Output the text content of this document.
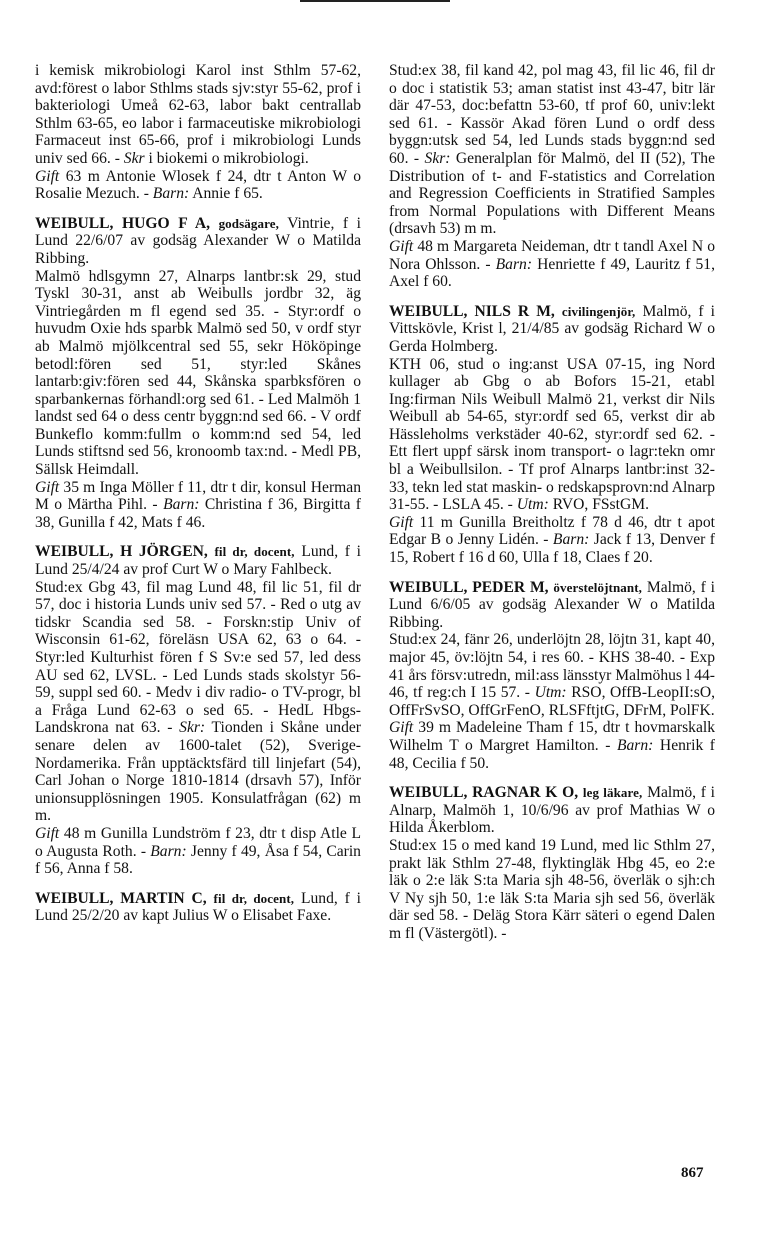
i kemisk mikrobiologi Karol inst Sthlm 57-62, avd:förest o labor Sthlms stads sjv:styr 55-62, prof i bakteriologi Umeå 62-63, labor bakt centrallab Sthlm 63-65, eo labor i farmaceutiske mikrobiologi Farmaceut inst 65-66, prof i mikrobiologi Lunds univ sed 66. - Skr i biokemi o mikrobiologi.

Gift 63 m Antonie Wlosek f 24, dtr t Anton W o Rosalie Mezuch. - Barn: Annie f 65.

WEIBULL, HUGO F A, godsägare, Vintrie, f i Lund 22/6/07 av godsäg Alexander W o Matilda Ribbing.

Malmö hdlsgymn 27, Alnarps lantbr:sk 29, stud Tyskl 30-31, anst ab Weibulls jordbr 32, äg Vintriegården m fl egend sed 35. - Styr:ordf o huvudm Oxie hds sparbk Malmö sed 50, v ordf styr ab Malmö mjölkcentral sed 55, sekr Hököpinge betodl:fören sed 51, styr:led Skånes lantarb:giv:fören sed 44, Skånska sparbksfören o sparbankernas förhandl:org sed 61. - Led Malmöh 1 landst sed 64 o dess centr byggn:nd sed 66. - V ordf Bunkeflo komm:fullm o komm:nd sed 54, led Lunds stiftsnd sed 56, kronoomb tax:nd. - Medl PB, Sällsk Heimdall.

Gift 35 m Inga Möller f 11, dtr t dir, konsul Herman M o Märtha Pihl. - Barn: Christina f 36, Birgitta f 38, Gunilla f 42, Mats f 46.

WEIBULL, H JÖRGEN, fil dr, docent, Lund, f i Lund 25/4/24 av prof Curt W o Mary Fahlbeck.

Stud:ex Gbg 43, fil mag Lund 48, fil lic 51, fil dr 57, doc i historia Lunds univ sed 57. - Red o utg av tidskr Scandia sed 58. - Forskn:stip Univ of Wisconsin 61-62, föreläsn USA 62, 63 o 64. - Styr:led Kulturhist fören f S Sv:e sed 57, led dess AU sed 62, LVSL. - Led Lunds stads skolstyr 56-59, suppl sed 60. - Medv i div radio- o TV-progr, bl a Fråga Lund 62-63 o sed 65. - HedL Hbgs-Landskrona nat 63. - Skr: Tionden i Skåne under senare delen av 1600-talet (52), Sverige-Nordamerika. Från upptäcktsfärd till linjefart (54), Carl Johan o Norge 1810-1814 (drsavh 57), Inför unionsupplösningen 1905. Konsulatfrågan (62) m m.

Gift 48 m Gunilla Lundström f 23, dtr t disp Atle L o Augusta Roth. - Barn: Jenny f 49, Åsa f 54, Carin f 56, Anna f 58.

WEIBULL, MARTIN C, fil dr, docent, Lund, f i Lund 25/2/20 av kapt Julius W o Elisabet Faxe.

Stud:ex 38, fil kand 42, pol mag 43, fil lic 46, fil dr o doc i statistik 53; aman statist inst 43-47, bitr lär där 47-53, doc:befattn 53-60, tf prof 60, univ:lekt sed 61. - Kassör Akad fören Lund o ordf dess byggn:utsk sed 54, led Lunds stads byggn:nd sed 60. - Skr: Generalplan för Malmö, del II (52), The Distribution of t- and F-statistics and Correlation and Regression Coefficients in Stratified Samples from Normal Populations with Different Means (drsavh 53) m m.

Gift 48 m Margareta Neideman, dtr t tandl Axel N o Nora Ohlsson. - Barn: Henriette f 49, Lauritz f 51, Axel f 60.

WEIBULL, NILS R M, civilingenjör, Malmö, f i Vittskövle, Krist l, 21/4/85 av godsäg Richard W o Gerda Holmberg.

KTH 06, stud o ing:anst USA 07-15, ing Nord kullager ab Gbg o ab Bofors 15-21, etabl Ing:firman Nils Weibull Malmö 21, verkst dir Nils Weibull ab 54-65, styr:ordf sed 65, verkst dir ab Hässleholms verkstäder 40-62, styr:ordf sed 62. - Ett flert uppf särsk inom transport- o lagr:tekn omr bl a Weibullsilon. - Tf prof Alnarps lantbr:inst 32-33, tekn led stat maskin- o redskapsprovn:nd Alnarp 31-55. - LSLA 45. - Utm: RVO, FSstGM.

Gift 11 m Gunilla Breitholtz f 78 d 46, dtr t apot Edgar B o Jenny Lidén. - Barn: Jack f 13, Denver f 15, Robert f 16 d 60, Ulla f 18, Claes f 20.

WEIBULL, PEDER M, överstelöjtnant, Malmö, f i Lund 6/6/05 av godsäg Alexander W o Matilda Ribbing.

Stud:ex 24, fänr 26, underlöjtn 28, löjtn 31, kapt 40, major 45, öv:löjtn 54, i res 60. - KHS 38-40. - Exp 41 års försv:utredn, mil:ass länsstyr Malmöhus l 44-46, tf reg:ch I 15 57. - Utm: RSO, OffB-LeopII:sO, OffFrSvSO, OffGrFenO, RLSFftjtG, DFrM, PolFK.

Gift 39 m Madeleine Tham f 15, dtr t hovmarskalk Wilhelm T o Margret Hamilton. - Barn: Henrik f 48, Cecilia f 50.

WEIBULL, RAGNAR K O, leg läkare, Malmö, f i Alnarp, Malmöh 1, 10/6/96 av prof Mathias W o Hilda Åkerblom.

Stud:ex 15 o med kand 19 Lund, med lic Sthlm 27, prakt läk Sthlm 27-48, flyktingläk Hbg 45, eo 2:e läk o 2:e läk S:ta Maria sjh 48-56, överläk o sjh:ch V Ny sjh 50, 1:e läk S:ta Maria sjh sed 56, överläk där sed 58. - Deläg Stora Kärr säteri o egend Dalen m fl (Västergötl). -

867
